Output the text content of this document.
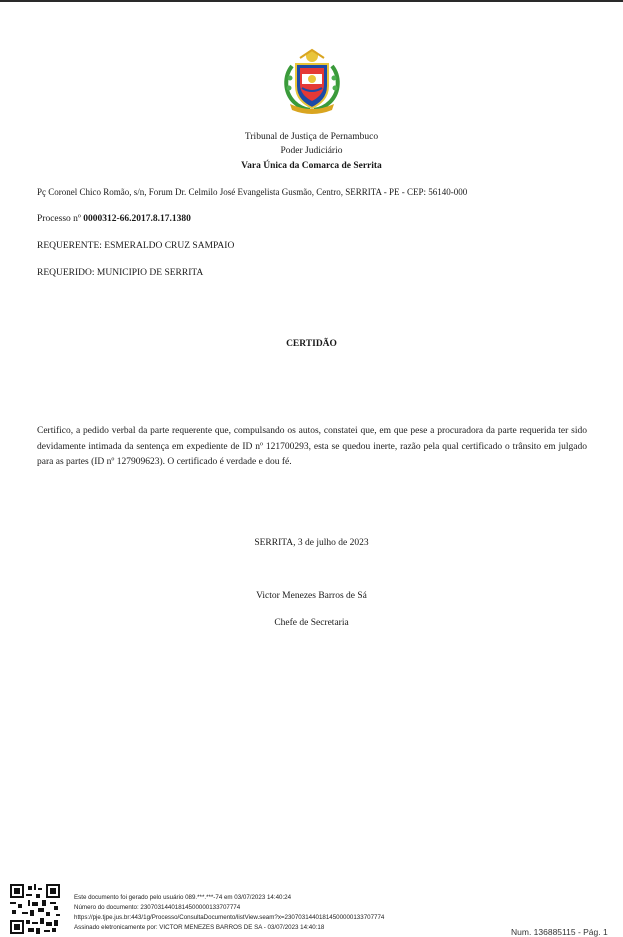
Tribunal de Justiça de Pernambuco
Poder Judiciário
Vara Única da Comarca de Serrita
Pç Coronel Chico Romão, s/n, Forum Dr. Celmilo José Evangelista Gusmão, Centro, SERRITA - PE - CEP: 56140-000
Processo nº 0000312-66.2017.8.17.1380
REQUERENTE: ESMERALDO CRUZ SAMPAIO
REQUERIDO: MUNICIPIO DE SERRITA
CERTIDÃO
Certifico, a pedido verbal da parte requerente que, compulsando os autos, constatei que, em que pese a procuradora da parte requerida ter sido devidamente intimada da sentença em expediente de ID nº 121700293, esta se quedou inerte, razão pela qual certificado o trânsito em julgado para as partes (ID nº 127909623). O certificado é verdade e dou fé.
SERRITA, 3 de julho de 2023
Victor Menezes Barros de Sá
Chefe de Secretaria
Este documento foi gerado pelo usuário 089.***.***-74 em 03/07/2023 14:40:24
Número do documento: 23070314401814500000133707774
https://pje.tjpe.jus.br:443/1g/Processo/ConsultaDocumento/listView.seam?x=23070314401814500000133707774
Assinado eletronicamente por: VICTOR MENEZES BARROS DE SA - 03/07/2023 14:40:18	Num. 136885115 - Pág. 1
